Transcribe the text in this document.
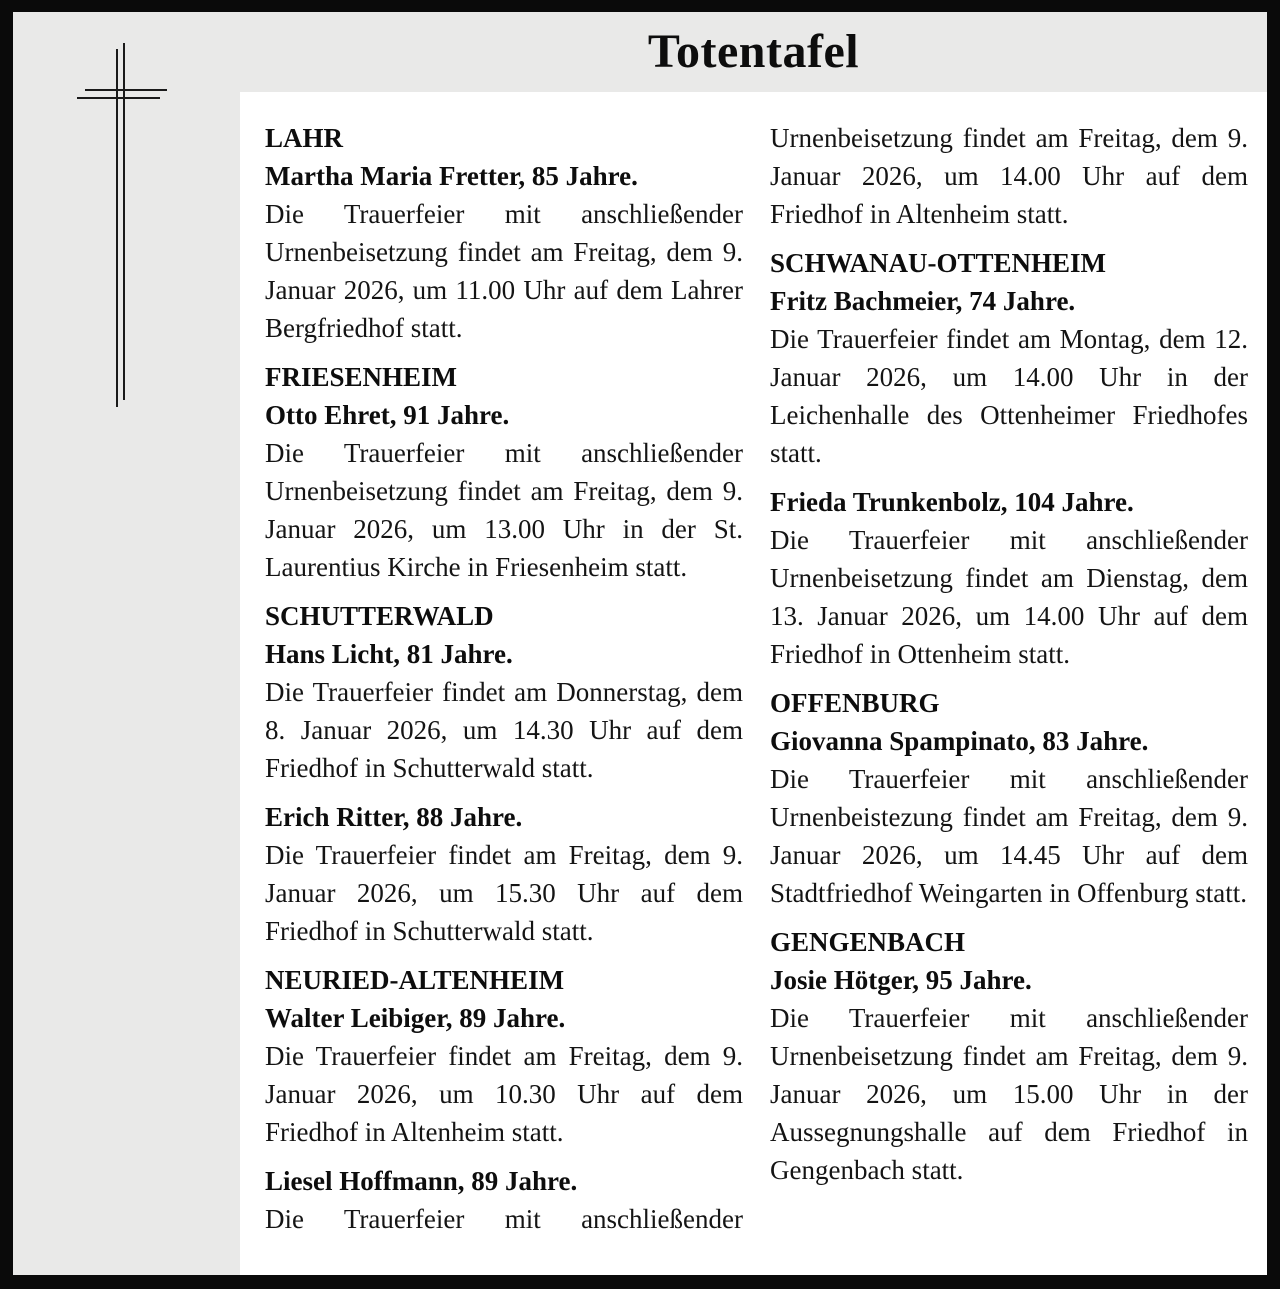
Totentafel
LAHR
Martha Maria Fretter, 85 Jahre.

Die Trauerfeier mit anschließender Urnenbeisetzung findet am Freitag, dem 9. Januar 2026, um 11.00 Uhr auf dem Lahrer Bergfriedhof statt.

FRIESENHEIM
Otto Ehret, 91 Jahre.

Die Trauerfeier mit anschließender Urnenbeisetzung findet am Freitag, dem 9. Januar 2026, um 13.00 Uhr in der St. Laurentius Kirche in Friesenheim statt.

SCHUTTERWALD
Hans Licht, 81 Jahre.

Die Trauerfeier findet am Donnerstag, dem 8. Januar 2026, um 14.30 Uhr auf dem Friedhof in Schutterwald statt.

Erich Ritter, 88 Jahre.

Die Trauerfeier findet am Freitag, dem 9. Januar 2026, um 15.30 Uhr auf dem Friedhof in Schutterwald statt.

NEURIED-ALTENHEIM
Walter Leibiger, 89 Jahre.

Die Trauerfeier findet am Freitag, dem 9. Januar 2026, um 10.30 Uhr auf dem Friedhof in Altenheim statt.

Liesel Hoffmann, 89 Jahre.

Die Trauerfeier mit anschließender

Urnenbeisetzung findet am Freitag, dem 9. Januar 2026, um 14.00 Uhr auf dem Friedhof in Altenheim statt.

SCHWANAU-OTTENHEIM
Fritz Bachmeier, 74 Jahre.

Die Trauerfeier findet am Montag, dem 12. Januar 2026, um 14.00 Uhr in der Leichenhalle des Ottenheimer Friedhofes statt.

Frieda Trunkenbolz, 104 Jahre.

Die Trauerfeier mit anschließender Urnenbeisetzung findet am Dienstag, dem 13. Januar 2026, um 14.00 Uhr auf dem Friedhof in Ottenheim statt.

OFFENBURG
Giovanna Spampinato, 83 Jahre.

Die Trauerfeier mit anschließender Urnenbeistezung findet am Freitag, dem 9. Januar 2026, um 14.45 Uhr auf dem Stadtfriedhof Weingarten in Offenburg statt.

GENGENBACH
Josie Hötger, 95 Jahre.

Die Trauerfeier mit anschließender Urnenbeisetzung findet am Freitag, dem 9. Januar 2026, um 15.00 Uhr in der Aussegnungshalle auf dem Friedhof in Gengenbach statt.
